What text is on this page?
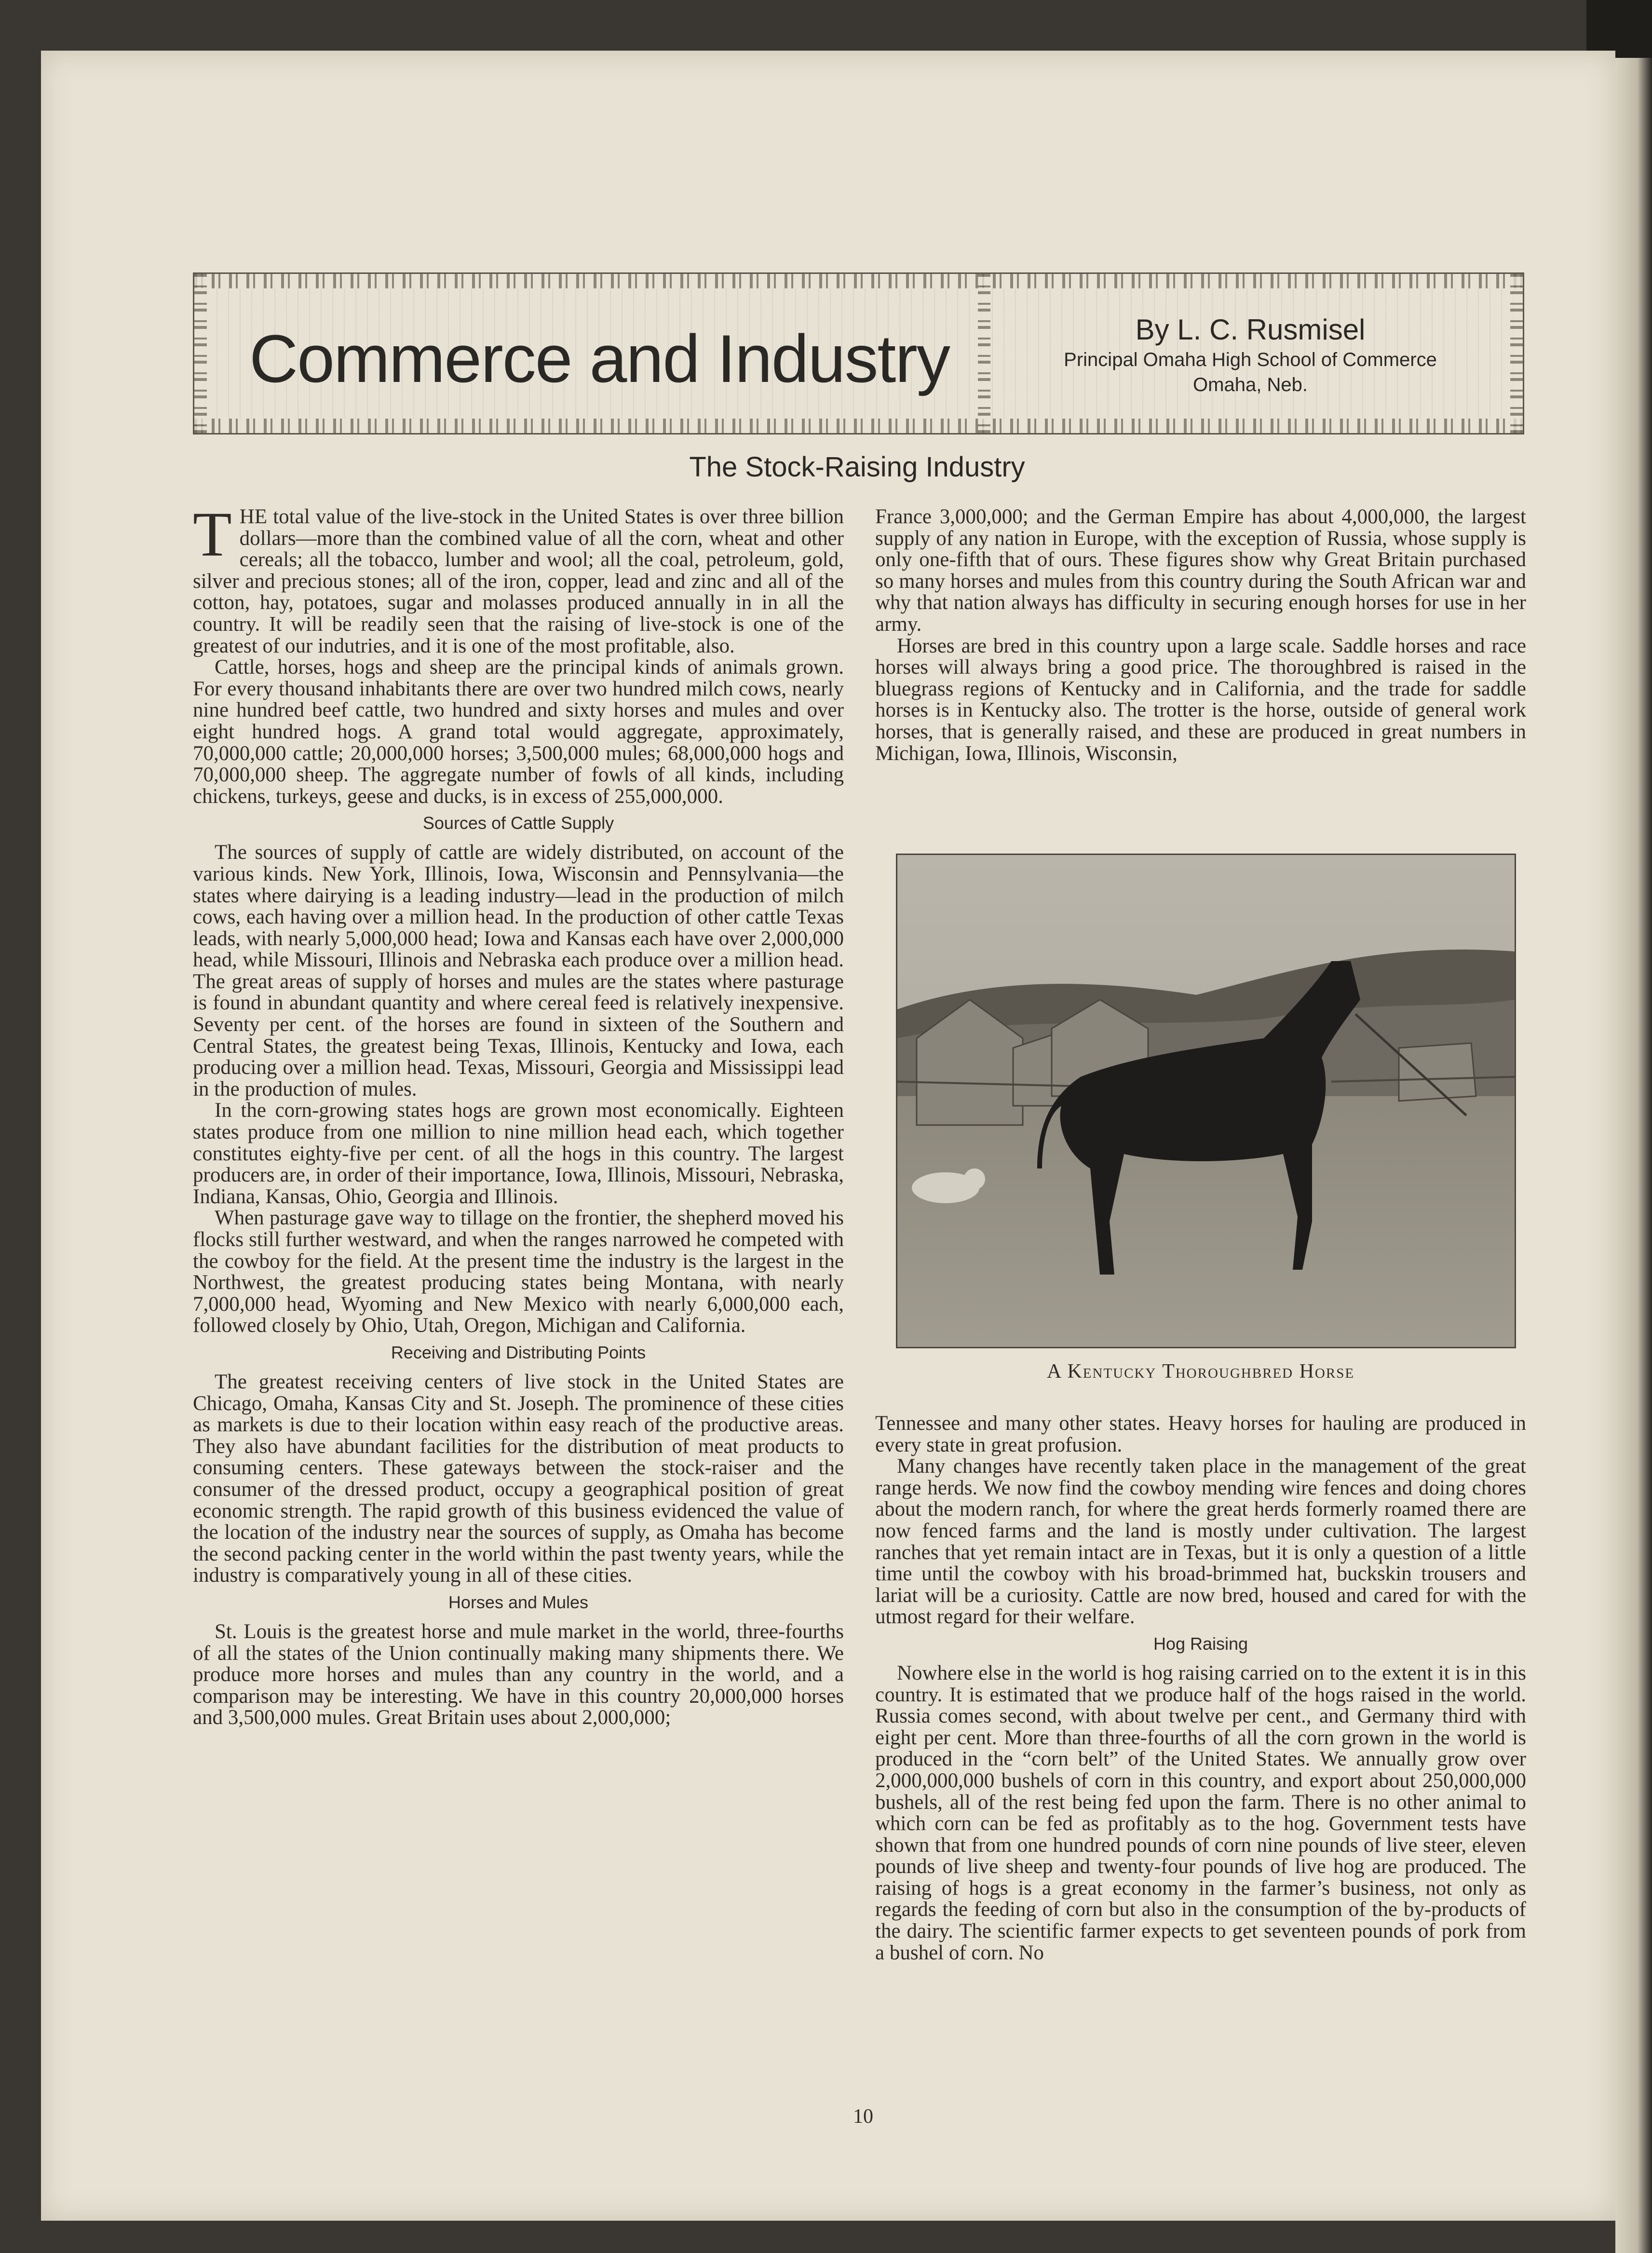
Commerce and Industry	By L. C. Rusmisel
Principal Omaha High School of Commerce
Omaha, Neb.
The Stock-Raising Industry

THE total value of the live-stock in the United States is over three billion dollars—more than the combined value of all the corn, wheat and other cereals; all the tobacco, lumber and wool; all the coal, petroleum, gold, silver and precious stones; all of the iron, copper, lead and zinc and all of the cotton, hay, potatoes, sugar and molasses produced annually in in all the country. It will be readily seen that the raising of live-stock is one of the greatest of our indutries, and it is one of the most profitable, also.

Cattle, horses, hogs and sheep are the principal kinds of animals grown. For every thousand inhabitants there are over two hundred milch cows, nearly nine hundred beef cattle, two hundred and sixty horses and mules and over eight hundred hogs. A grand total would aggregate, approximately, 70,000,000 cattle; 20,000,000 horses; 3,500,000 mules; 68,000,000 hogs and 70,000,000 sheep. The aggregate number of fowls of all kinds, including chickens, turkeys, geese and ducks, is in excess of 255,000,000.

Sources of Cattle Supply

The sources of supply of cattle are widely distributed, on account of the various kinds. New York, Illinois, Iowa, Wisconsin and Pennsylvania—the states where dairying is a leading industry—lead in the production of milch cows, each having over a million head. In the production of other cattle Texas leads, with nearly 5,000,000 head; Iowa and Kansas each have over 2,000,000 head, while Missouri, Illinois and Nebraska each produce over a million head. The great areas of supply of horses and mules are the states where pasturage is found in abundant quantity and where cereal feed is relatively inexpensive. Seventy per cent. of the horses are found in sixteen of the Southern and Central States, the greatest being Texas, Illinois, Kentucky and Iowa, each producing over a million head. Texas, Missouri, Georgia and Mississippi lead in the production of mules.

In the corn-growing states hogs are grown most economically. Eighteen states produce from one million to nine million head each, which together constitutes eighty-five per cent. of all the hogs in this country. The largest producers are, in order of their importance, Iowa, Illinois, Missouri, Nebraska, Indiana, Kansas, Ohio, Georgia and Illinois.

When pasturage gave way to tillage on the frontier, the shepherd moved his flocks still further westward, and when the ranges narrowed he competed with the cowboy for the field. At the present time the industry is the largest in the Northwest, the greatest producing states being Montana, with nearly 7,000,000 head, Wyoming and New Mexico with nearly 6,000,000 each, followed closely by Ohio, Utah, Oregon, Michigan and California.

Receiving and Distributing Points

The greatest receiving centers of live stock in the United States are Chicago, Omaha, Kansas City and St. Joseph. The prominence of these cities as markets is due to their location within easy reach of the productive areas. They also have abundant facilities for the distribution of meat products to consuming centers. These gateways between the stock-raiser and the consumer of the dressed product, occupy a geographical position of great economic strength. The rapid growth of this business evidenced the value of the location of the industry near the sources of supply, as Omaha has become the second packing center in the world within the past twenty years, while the industry is comparatively young in all of these cities.

Horses and Mules

St. Louis is the greatest horse and mule market in the world, three-fourths of all the states of the Union continually making many shipments there. We produce more horses and mules than any country in the world, and a comparison may be interesting. We have in this country 20,000,000 horses and 3,500,000 mules. Great Britain uses about 2,000,000;

France 3,000,000; and the German Empire has about 4,000,000, the largest supply of any nation in Europe, with the exception of Russia, whose supply is only one-fifth that of ours. These figures show why Great Britain purchased so many horses and mules from this country during the South African war and why that nation always has difficulty in securing enough horses for use in her army.

Horses are bred in this country upon a large scale. Saddle horses and race horses will always bring a good price. The thoroughbred is raised in the bluegrass regions of Kentucky and in California, and the trade for saddle horses is in Kentucky also. The trotter is the horse, outside of general work horses, that is generally raised, and these are produced in great numbers in Michigan, Iowa, Illinois, Wisconsin,

A Kentucky Thoroughbred Horse

Tennessee and many other states. Heavy horses for hauling are produced in every state in great profusion.

Many changes have recently taken place in the management of the great range herds. We now find the cowboy mending wire fences and doing chores about the modern ranch, for where the great herds formerly roamed there are now fenced farms and the land is mostly under cultivation. The largest ranches that yet remain intact are in Texas, but it is only a question of a little time until the cowboy with his broad-brimmed hat, buckskin trousers and lariat will be a curiosity. Cattle are now bred, housed and cared for with the utmost regard for their welfare.

Hog Raising

Nowhere else in the world is hog raising carried on to the extent it is in this country. It is estimated that we produce half of the hogs raised in the world. Russia comes second, with about twelve per cent., and Germany third with eight per cent. More than three-fourths of all the corn grown in the world is produced in the “corn belt” of the United States. We annually grow over 2,000,000,000 bushels of corn in this country, and export about 250,000,000 bushels, all of the rest being fed upon the farm. There is no other animal to which corn can be fed as profitably as to the hog. Government tests have shown that from one hundred pounds of corn nine pounds of live steer, eleven pounds of live sheep and twenty-four pounds of live hog are produced. The raising of hogs is a great economy in the farmer’s business, not only as regards the feeding of corn but also in the consumption of the by-products of the dairy. The scientific farmer expects to get seventeen pounds of pork from a bushel of corn. No

10
